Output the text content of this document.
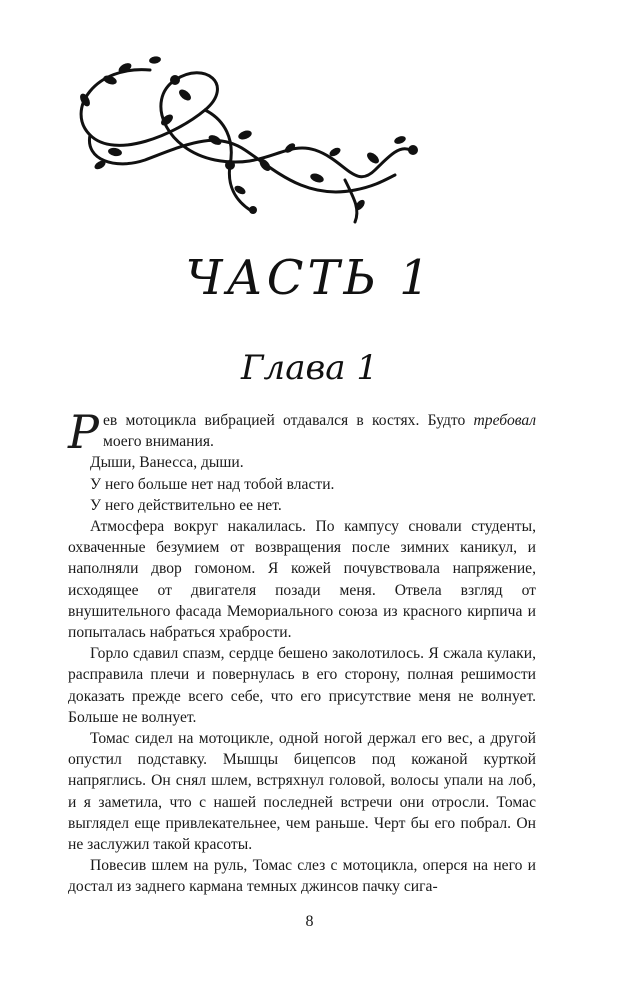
ЧАСТЬ 1
Глава 1

Рев мотоцикла вибрацией отдавался в костях. Будто требовал моего внимания.

Дыши, Ванесса, дыши.

У него больше нет над тобой власти.

У него действительно ее нет.

Атмосфера вокруг накалилась. По кампусу сновали студенты, охваченные безумием от возвращения после зимних каникул, и наполняли двор гомоном. Я кожей почувствовала напряжение, исходящее от двигателя позади меня. Отвела взгляд от внушительного фасада Мемориального союза из красного кирпича и попыталась набраться храбрости.

Горло сдавил спазм, сердце бешено заколотилось. Я сжала кулаки, расправила плечи и повернулась в его сторону, полная решимости доказать прежде всего себе, что его присутствие меня не волнует. Больше не волнует.

Томас сидел на мотоцикле, одной ногой держал его вес, а другой опустил подставку. Мышцы бицепсов под кожаной курткой напряглись. Он снял шлем, встряхнул головой, волосы упали на лоб, и я заметила, что с нашей последней встречи они отросли. Томас выглядел еще привлекательнее, чем раньше. Черт бы его побрал. Он не заслужил такой красоты.

Повесив шлем на руль, Томас слез с мотоцикла, оперся на него и достал из заднего кармана темных джинсов пачку сига-

8
